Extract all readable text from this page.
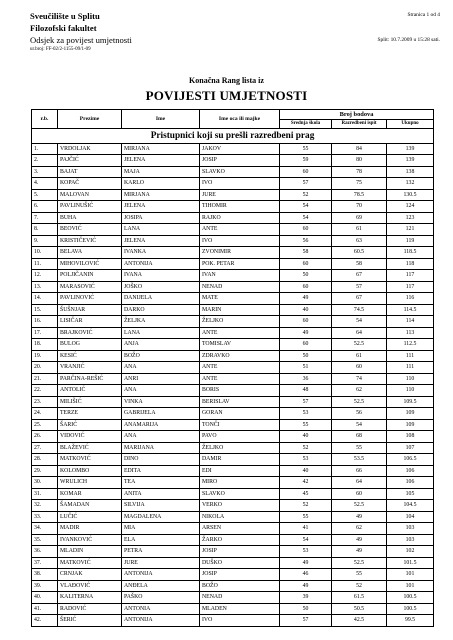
Sveučilište u Splitu
Filozofski fakultet
Odsjek za povijest umjetnosti
ur.broj: FF-02/2-1155-09/1-09
Stranica 1 od 4
Split: 10.7.2009 u 15:28 sati.
Konačna Rang lista iz
POVIJESTI UMJETNOSTI
r.b.	Prezime	Ime	Ime oca ili majke	Broj bodova		
				Srednja škola	Razredbeni ispit	Ukupno
Pristupnici koji su prešli razredbeni prag						
1.	VRDOLJAK	MIRJANA	JAKOV	55	84	139
2.	PAJČIĆ	JELENA	JOSIP	59	80	139
3.	BAJAT	MAJA	SLAVKO	60	78	138
4.	KOPAČ	KARLO	IVO	57	75	132
5.	MALOVAN	MIRJANA	JURE	52	78.5	130.5
6.	PAVLINUŠIĆ	JELENA	TIHOMIR	54	70	124
7.	BUHA	JOSIPA	RAJKO	54	69	123
8.	BEOVIĆ	LANA	ANTE	60	61	121
9.	KRISTIČEVIĆ	JELENA	IVO	56	63	119
10.	BELAVA	IVANKA	ZVONIMIR	58	60.5	118.5
11.	MIHOVILOVIĆ	ANTONIJA	POK. PETAR	60	58	118
12.	POLJIČANIN	IVANA	IVAN	50	67	117
13.	MARASOVIĆ	JOŠKO	NENAD	60	57	117
14.	PAVLINOVIĆ	DANIJELA	MATE	49	67	116
15.	ŠUŠNJAR	DARKO	MARIN	40	74.5	114.5
16.	LISIČAR	ŽELJKA	ŽELJKO	60	54	114
17.	BRAJKOVIĆ	LANA	ANTE	49	64	113
18.	BULOG	ANJA	TOMISLAV	60	52.5	112.5
19.	KESIĆ	BOŽO	ZDRAVKO	50	61	111
20.	VRANJIĆ	ANA	ANTE	51	60	111
21.	PARČINA-REŠIĆ	ANRI	ANTE	36	74	110
22.	ANTOLIĆ	ANA	BORIS	48	62	110
23.	MILIŠIĆ	VINKA	BERISLAV	57	52.5	109.5
24.	TERZE	GABRIJELA	GORAN	53	56	109
25.	ŠARIĆ	ANAMARIJA	TONČI	55	54	109
26.	VIDOVIĆ	ANA	PAVO	40	68	108
27.	BLAŽEVIĆ	MARIJANA	ŽELJKO	52	55	107
28.	MATKOVIĆ	DINO	DAMIR	53	53.5	106.5
29.	KOLOMBO	EDITA	EDI	40	66	106
30.	WRULICH	TEA	MIRO	42	64	106
31.	KOMAR	ANITA	SLAVKO	45	60	105
32.	ŠAMADAN	SILVIJA	VERKO	52	52.5	104.5
33.	LUČIĆ	MAGDALENA	NIKOLA	55	49	104
34.	MADIR	MIA	ARSEN	41	62	103
35.	IVANKOVIĆ	ELA	ŽARKO	54	49	103
36.	MLADIN	PETRA	JOSIP	53	49	102
37.	MATKOVIĆ	JURE	DUŠKO	49	52.5	101.5
38.	CRNJAK	ANTONIJA	JOSIP	46	55	101
39.	VLAĐOVIĆ	ANĐELA	BOŽO	49	52	101
40.	KALITERNA	PAŠKO	NENAD	39	61.5	100.5
41.	RADOVIĆ	ANTONIA	MLADEN	50	50.5	100.5
42.	ŠERIĆ	ANTONIJA	IVO	57	42.5	99.5
